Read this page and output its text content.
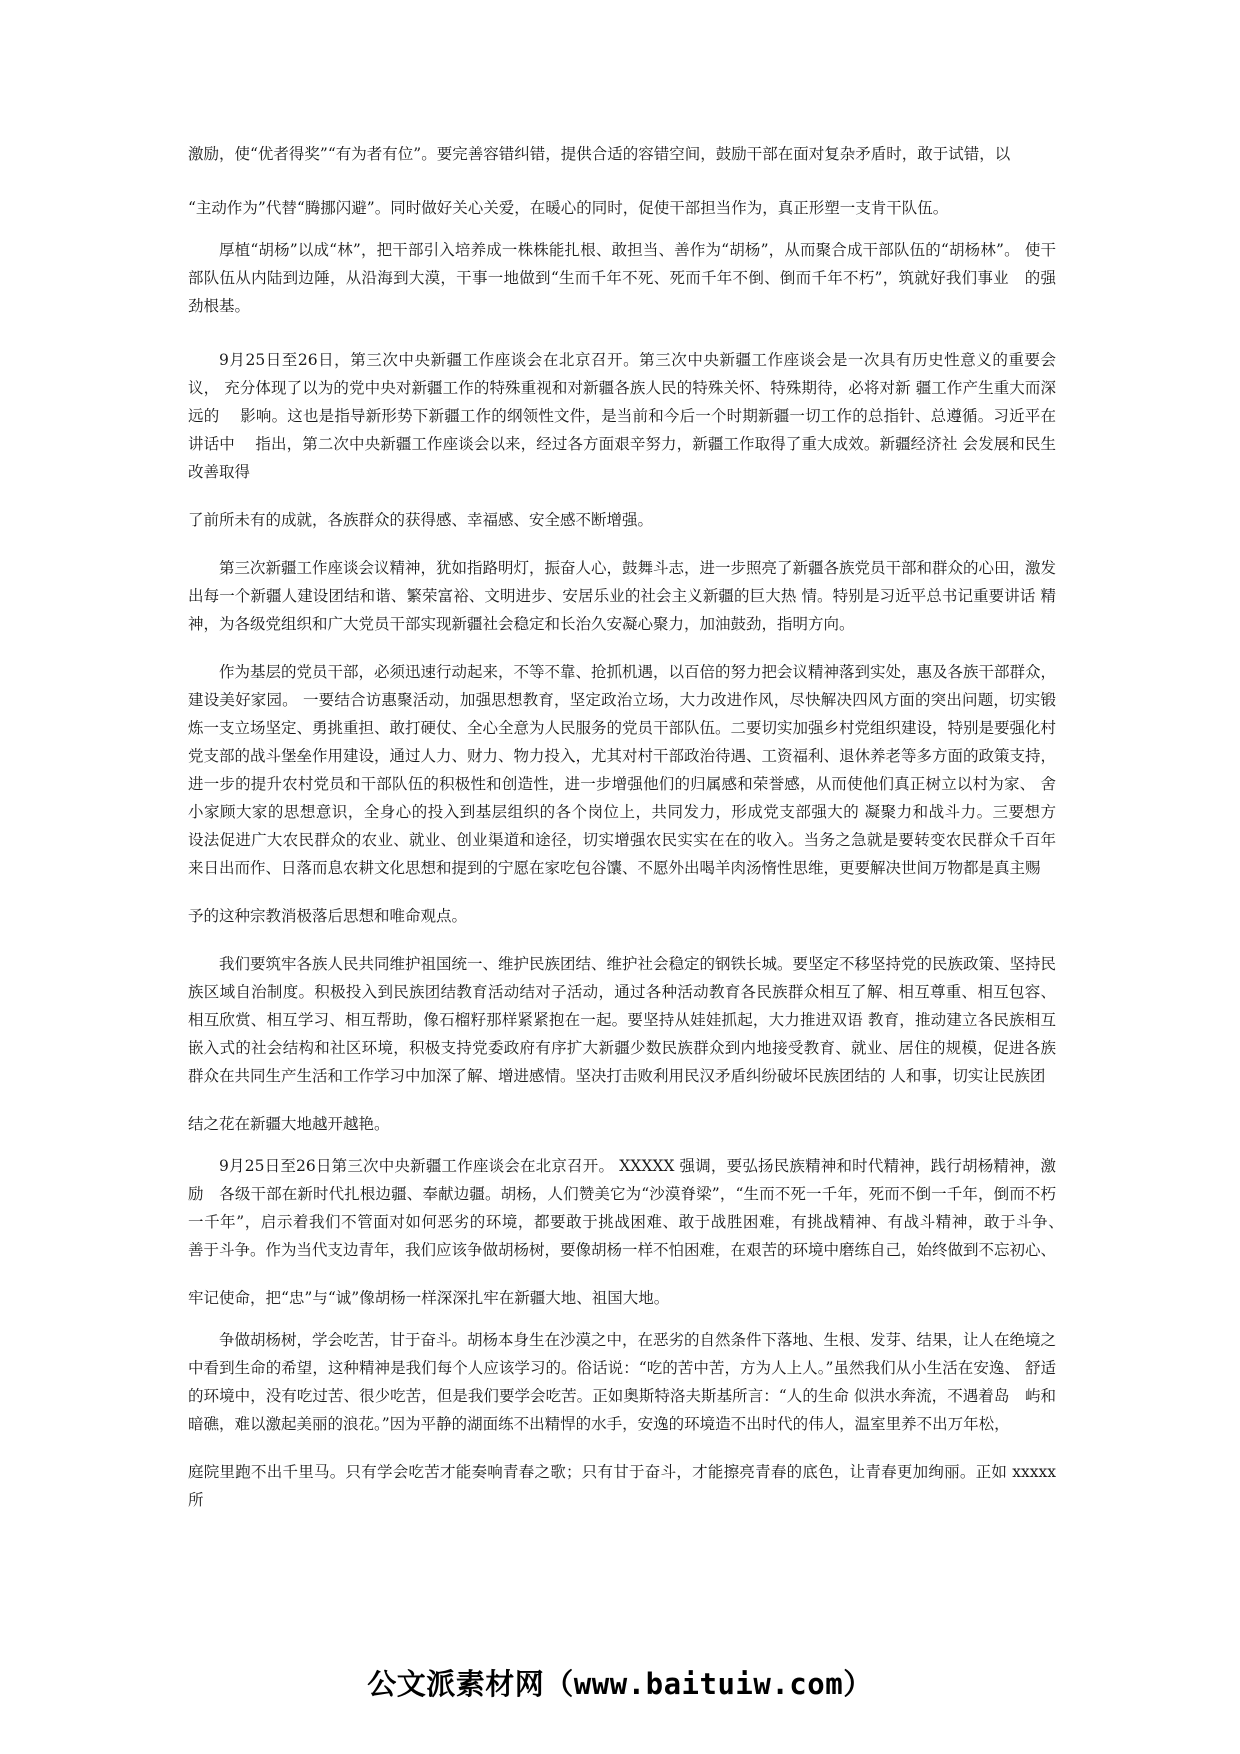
激励，使“优者得奖”“有为者有位”。要完善容错纠错，提供合适的容错空间，鼓励干部在面对复杂矛盾时，敢于试错，以

“主动作为”代替“腾挪闪避”。同时做好关心关爱，在暖心的同时，促使干部担当作为，真正形塑一支肯干队伍。

厚植“胡杨”以成“林”，把干部引入培养成一株株能扎根、敢担当、善作为“胡杨”，从而聚合成干部队伍的“胡杨林”。 使干部队伍从内陆到边陲，从沿海到大漠，干事一地做到“生而千年不死、死而千年不倒、倒而千年不朽”，筑就好我们事业　的强劲根基。

9月25日至26日，第三次中央新疆工作座谈会在北京召开。第三次中央新疆工作座谈会是一次具有历史性意义的重要会议， 充分体现了以为的党中央对新疆工作的特殊重视和对新疆各族人民的特殊关怀、特殊期待，必将对新 疆工作产生重大而深远的　 影响。这也是指导新形势下新疆工作的纲领性文件，是当前和今后一个时期新疆一切工作的总指针、总遵循。习近平在讲话中　 指出，第二次中央新疆工作座谈会以来，经过各方面艰辛努力，新疆工作取得了重大成效。新疆经济社 会发展和民生改善取得

了前所未有的成就，各族群众的获得感、幸福感、安全感不断增强。

第三次新疆工作座谈会议精神，犹如指路明灯，振奋人心，鼓舞斗志，进一步照亮了新疆各族党员干部和群众的心田，激发出每一个新疆人建设团结和谐、繁荣富裕、文明进步、安居乐业的社会主义新疆的巨大热 情。特别是习近平总书记重要讲话 精神，为各级党组织和广大党员干部实现新疆社会稳定和长治久安凝心聚力，加油鼓劲，指明方向。

作为基层的党员干部，必须迅速行动起来，不等不靠、抢抓机遇，以百倍的努力把会议精神落到实处，惠及各族干部群众，建设美好家园。 一要结合访惠聚活动，加强思想教育，坚定政治立场，大力改进作风，尽快解决四风方面的突出问题，切实锻炼一支立场坚定、勇挑重担、敢打硬仗、全心全意为人民服务的党员干部队伍。二要切实加强乡村党组织建设，特别是要强化村党支部的战斗堡垒作用建设，通过人力、财力、物力投入，尤其对村干部政治待遇、工资福利、退休养老等多方面的政策支持，进一步的提升农村党员和干部队伍的积极性和创造性，进一步增强他们的归属感和荣誉感，从而使他们真正树立以村为家、 舍小家顾大家的思想意识，全身心的投入到基层组织的各个岗位上，共同发力，形成党支部强大的 凝聚力和战斗力。三要想方　设法促进广大农民群众的农业、就业、创业渠道和途径，切实增强农民实实在在的收入。当务之急就是要转变农民群众千百年　来日出而作、日落而息农耕文化思想和提到的宁愿在家吃包谷馕、不愿外出喝羊肉汤惰性思维，更要解决世间万物都是真主赐

予的这种宗教消极落后思想和唯命观点。

我们要筑牢各族人民共同维护祖国统一、维护民族团结、维护社会稳定的钢铁长城。要坚定不移坚持党的民族政策、坚持民族区域自治制度。积极投入到民族团结教育活动结对子活动，通过各种活动教育各民族群众相互了解、相互尊重、相互包容、 相互欣赏、相互学习、相互帮助，像石榴籽那样紧紧抱在一起。要坚持从娃娃抓起，大力推进双语 教育，推动建立各民族相互　嵌入式的社会结构和社区环境，积极支持党委政府有序扩大新疆少数民族群众到内地接受教育、就业、居住的规模，促进各族　群众在共同生产生活和工作学习中加深了解、增进感情。坚决打击败利用民汉矛盾纠纷破坏民族团结的 人和事，切实让民族团

结之花在新疆大地越开越艳。

9月25日至26日第三次中央新疆工作座谈会在北京召开。 XXXXX 强调，要弘扬民族精神和时代精神，践行胡杨精神，激励　各级干部在新时代扎根边疆、奉献边疆。胡杨，人们赞美它为“沙漠脊梁”，“生而不死一千年，死而不倒一千年，倒而不朽　一千年”，启示着我们不管面对如何恶劣的环境，都要敢于挑战困难、敢于战胜困难，有挑战精神、有战斗精神，敢于斗争、　 善于斗争。作为当代支边青年，我们应该争做胡杨树，要像胡杨一样不怕困难，在艰苦的环境中磨练自己，始终做到不忘初心、

牢记使命，把“忠”与“诚”像胡杨一样深深扎牢在新疆大地、祖国大地。

争做胡杨树，学会吃苦，甘于奋斗。胡杨本身生在沙漠之中，在恶劣的自然条件下落地、生根、发芽、结果，让人在绝境之中看到生命的希望，这种精神是我们每个人应该学习的。俗话说：“吃的苦中苦，方为人上人。”虽然我们从小生活在安逸、 舒适的环境中，没有吃过苦、很少吃苦，但是我们要学会吃苦。正如奥斯特洛夫斯基所言：“人的生命 似洪水奔流，不遇着岛　屿和暗礁，难以激起美丽的浪花。”因为平静的湖面练不出精悍的水手，安逸的环境造不出时代的伟人，温室里养不出万年松，

庭院里跑不出千里马。只有学会吃苦才能奏响青春之歌；只有甘于奋斗，才能擦亮青春的底色，让青春更加绚丽。正如 xxxxx 所

公文派素材网（www.baituiw.com）
